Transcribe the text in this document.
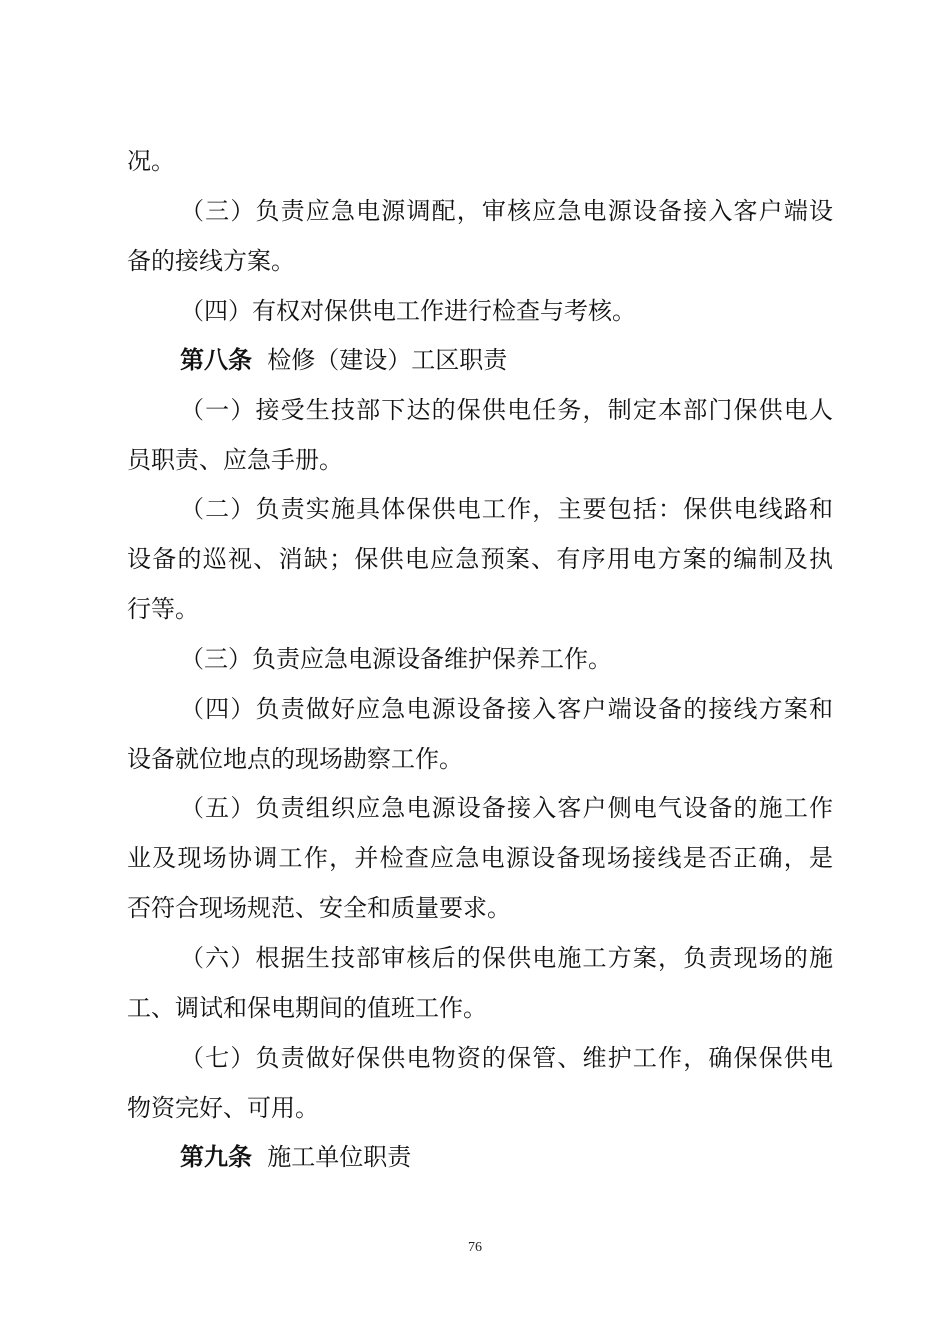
况。
（三）负责应急电源调配，审核应急电源设备接入客户端设
备的接线方案。
（四）有权对保供电工作进行检查与考核。
第八条 检修（建设）工区职责
（一）接受生技部下达的保供电任务，制定本部门保供电人
员职责、应急手册。
（二）负责实施具体保供电工作，主要包括：保供电线路和
设备的巡视、消缺；保供电应急预案、有序用电方案的编制及执
行等。
（三）负责应急电源设备维护保养工作。
（四）负责做好应急电源设备接入客户端设备的接线方案和
设备就位地点的现场勘察工作。
（五）负责组织应急电源设备接入客户侧电气设备的施工作
业及现场协调工作，并检查应急电源设备现场接线是否正确，是
否符合现场规范、安全和质量要求。
（六）根据生技部审核后的保供电施工方案，负责现场的施
工、调试和保电期间的值班工作。
（七）负责做好保供电物资的保管、维护工作，确保保供电
物资完好、可用。
第九条 施工单位职责
76
